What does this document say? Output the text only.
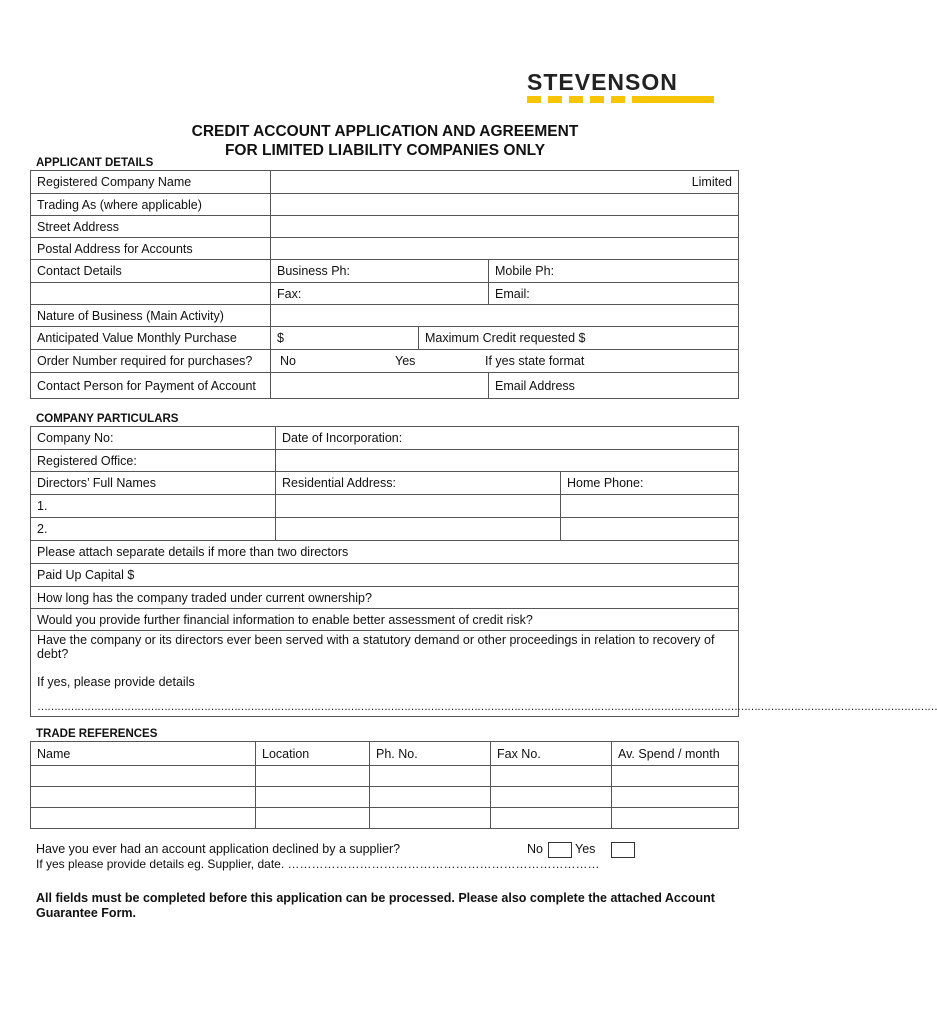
STEVENSON
CREDIT ACCOUNT APPLICATION AND AGREEMENT
FOR LIMITED LIABILITY COMPANIES ONLY
APPLICANT DETAILS
Registered Company Name	Limited		
Trading As (where applicable)			
Street Address			
Postal Address for Accounts			
Contact Details	Business Ph:		Mobile Ph:
	Fax:		Email:
Nature of Business (Main Activity)			
Anticipated Value Monthly Purchase	$	Maximum Credit requested $	
Order Number required for purchases?	No Yes If yes state format		

Contact Person for Payment of Account			Email Address
COMPANY PARTICULARS
Company No:	Date of Incorporation:	
Registered Office:		
Directors’ Full Names	Residential Address:	Home Phone:
1.		
2.		
Please attach separate details if more than two directors		
Paid Up Capital $		
How long has the company traded under current ownership?		
Would you provide further financial information to enable better assessment of credit risk?		

Have the company or its directors ever been served with a statutory demand or other proceedings in relation to recovery of debt?
If yes, please provide details
………………………………………………………………………………………………………………………………………………………………………………………………………………………………………………		
TRADE REFERENCES
Name	Location	Ph. No.	Fax No.	Av. Spend / month

Have you ever had an account application declined by a supplier?	No	Yes
If yes please provide details eg. Supplier, date. ……………………………………………………………………
All fields must be completed before this application can be processed. Please also complete the attached Account Guarantee Form.
